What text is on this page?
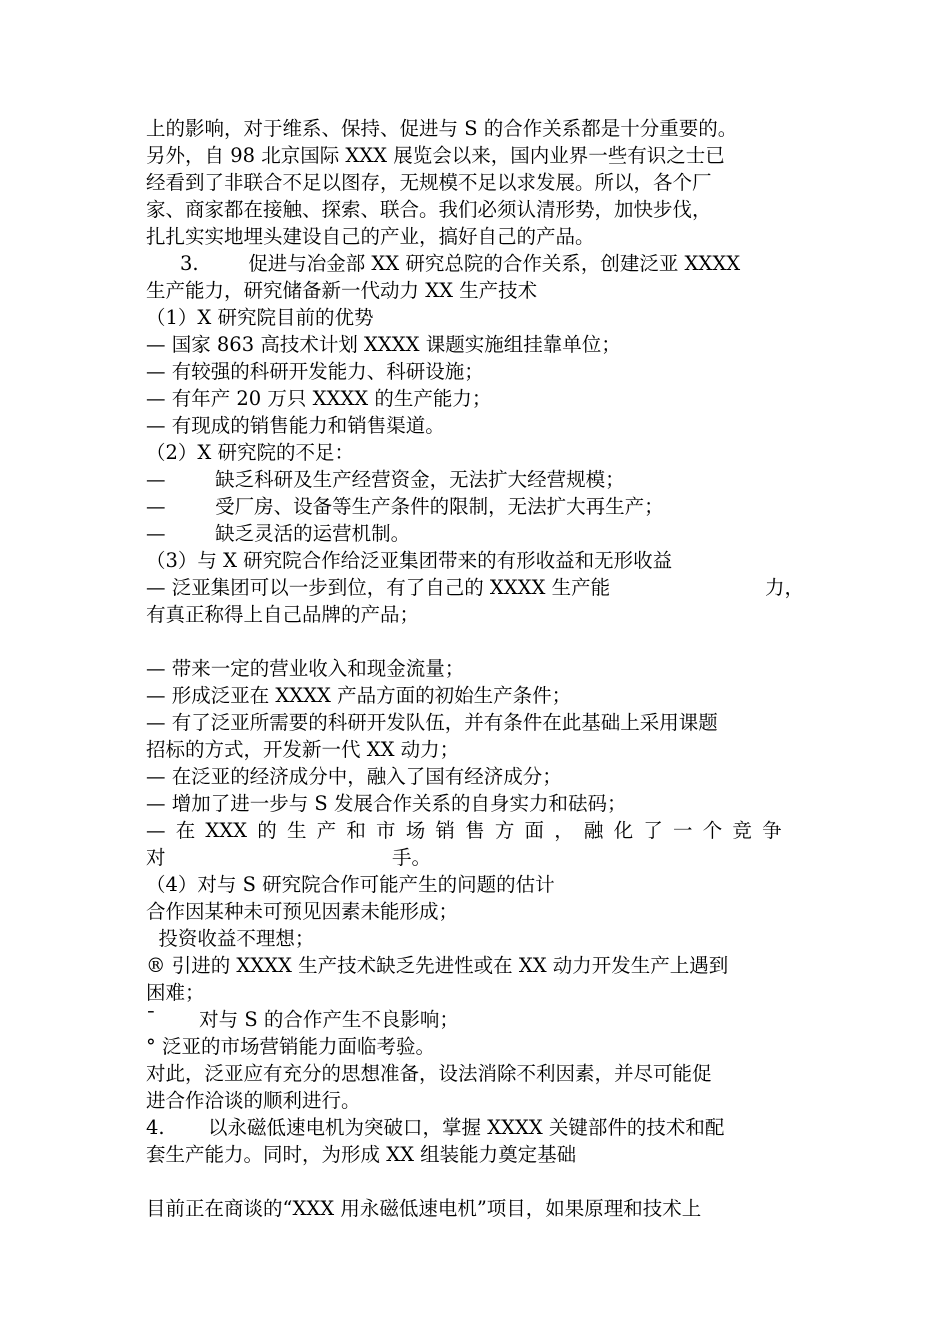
上的影响，对于维系、保持、促进与 S 的合作关系都是十分重要的。
另外，自 98 北京国际 XXX 展览会以来，国内业界一些有识之士已
经看到了非联合不足以图存，无规模不足以求发展。所以，各个厂
家、商家都在接触、探索、联合。我们必须认清形势，加快步伐，
扎扎实实地埋头建设自己的产业，搞好自己的产品。
3.        促进与冶金部 XX 研究总院的合作关系，创建泛亚 XXXX
生产能力，研究储备新一代动力 XX 生产技术
（1）X 研究院目前的优势
— 国家 863 高技术计划 XXXX 课题实施组挂靠单位；
— 有较强的科研开发能力、科研设施；
— 有年产 20 万只 XXXX 的生产能力；
— 有现成的销售能力和销售渠道。
（2）X 研究院的不足：
—        缺乏科研及生产经营资金，无法扩大经营规模；
—        受厂房、设备等生产条件的限制，无法扩大再生产；
—        缺乏灵活的运营机制。
（3）与 X 研究院合作给泛亚集团带来的有形收益和无形收益
— 泛亚集团可以一步到位，有了自己的 XXXX 生产能	力，
有真正称得上自己品牌的产品；
— 带来一定的营业收入和现金流量；
— 形成泛亚在 XXXX 产品方面的初始生产条件；
— 有了泛亚所需要的科研开发队伍，并有条件在此基础上采用课题
招标的方式，开发新一代 XX 动力；
— 在泛亚的经济成分中，融入了国有经济成分；
— 增加了进一步与 S 发展合作关系的自身实力和砝码；
— 在 XXX 的 生 产 和 市 场 销 售 方 面 ， 融 化 了 一 个 竞 争
对	手。
（4）对与 S 研究院合作可能产生的问题的估计
合作因某种未可预见因素未能形成；
投资收益不理想；
® 引进的 XXXX 生产技术缺乏先进性或在 XX 动力开发生产上遇到
困难；
¯       对与 S 的合作产生不良影响；
° 泛亚的市场营销能力面临考验。
对此，泛亚应有充分的思想准备，设法消除不利因素，并尽可能促
进合作洽谈的顺利进行。
4.       以永磁低速电机为突破口，掌握 XXXX 关键部件的技术和配
套生产能力。同时，为形成 XX 组装能力奠定基础
目前正在商谈的“XXX 用永磁低速电机”项目，如果原理和技术上
